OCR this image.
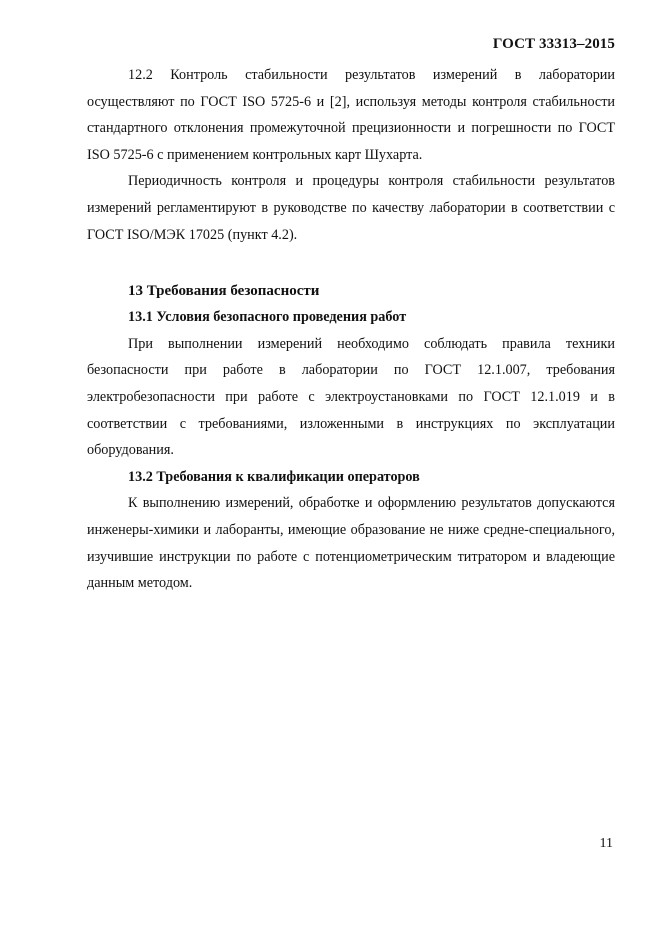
ГОСТ 33313–2015

12.2 Контроль стабильности результатов измерений в лаборатории осуществляют по ГОСТ ISO 5725-6 и [2], используя методы контроля стабильности стандартного отклонения промежуточной прецизионности и погрешности по ГОСТ ISO 5725-6 с применением контрольных карт Шухарта.

Периодичность контроля и процедуры контроля стабильности результатов измерений регламентируют в руководстве по качеству лаборатории в соответствии с ГОСТ ISO/МЭК 17025 (пункт 4.2).

13 Требования безопасности
13.1 Условия безопасного проведения работ

При выполнении измерений необходимо соблюдать правила техники безопасности при работе в лаборатории по ГОСТ 12.1.007, требования электробезопасности при работе с электроустановками по ГОСТ 12.1.019 и в соответствии с требованиями, изложенными в инструкциях по эксплуатации оборудования.

13.2 Требования к квалификации операторов

К выполнению измерений, обработке и оформлению результатов допускаются инженеры-химики и лаборанты, имеющие образование не ниже средне-специального, изучившие инструкции по работе с потенциометрическим титратором и владеющие данным методом.

11
